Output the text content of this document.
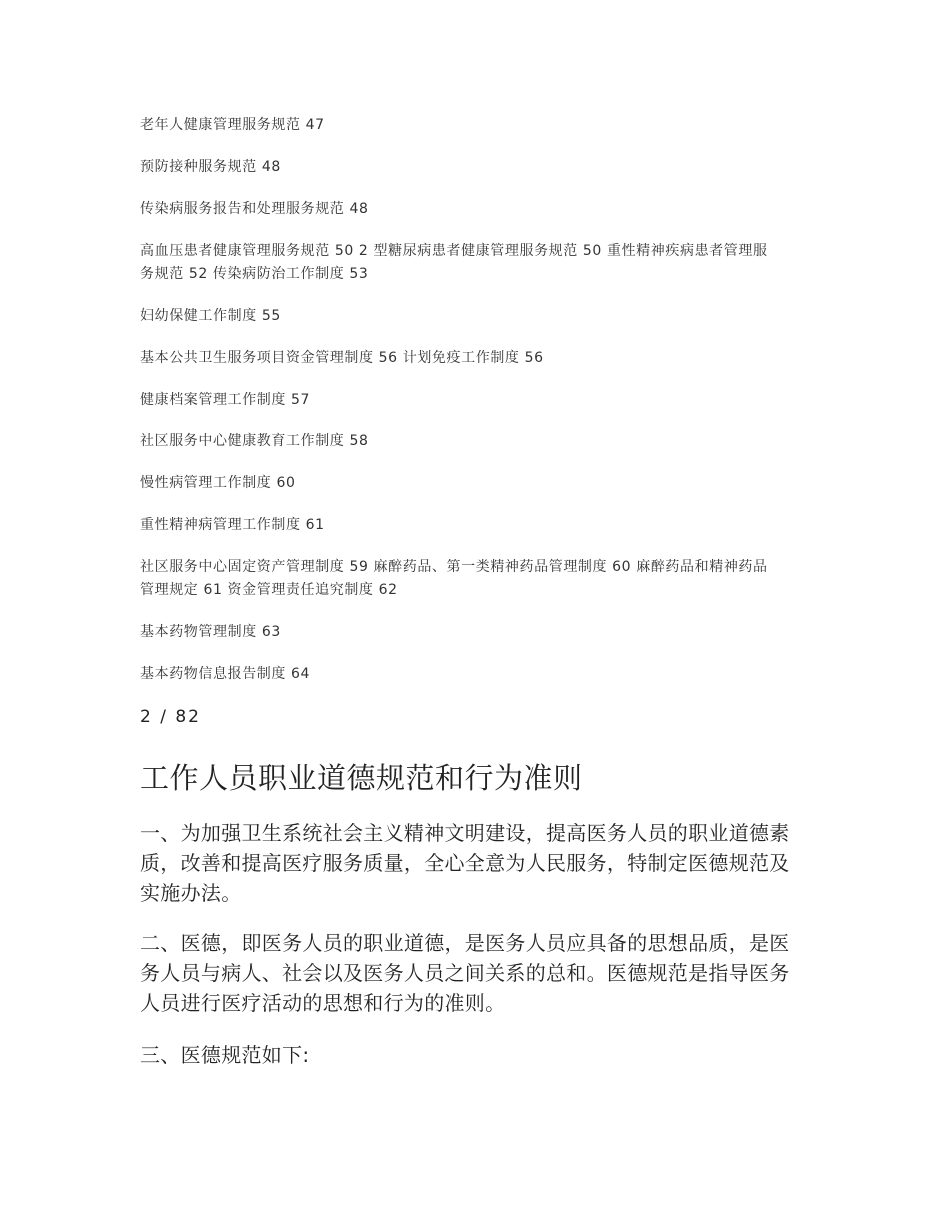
老年人健康管理服务规范 47
预防接种服务规范 48
传染病服务报告和处理服务规范 48
高血压患者健康管理服务规范 50 2 型糖尿病患者健康管理服务规范 50 重性精神疾病患者管理服
务规范 52 传染病防治工作制度 53
妇幼保健工作制度 55
基本公共卫生服务项目资金管理制度 56 计划免疫工作制度 56
健康档案管理工作制度 57
社区服务中心健康教育工作制度 58
慢性病管理工作制度 60
重性精神病管理工作制度 61
社区服务中心固定资产管理制度 59 麻醉药品、第一类精神药品管理制度 60 麻醉药品和精神药品
管理规定 61 资金管理责任追究制度 62
基本药物管理制度 63
基本药物信息报告制度 64
2 / 82
工作人员职业道德规范和行为准则
一、为加强卫生系统社会主义精神文明建设，提高医务人员的职业道德素
质，改善和提高医疗服务质量，全心全意为人民服务，特制定医德规范及
实施办法。
二、医德，即医务人员的职业道德，是医务人员应具备的思想品质，是医
务人员与病人、社会以及医务人员之间关系的总和。医德规范是指导医务
人员进行医疗活动的思想和行为的准则。
三、医德规范如下:
